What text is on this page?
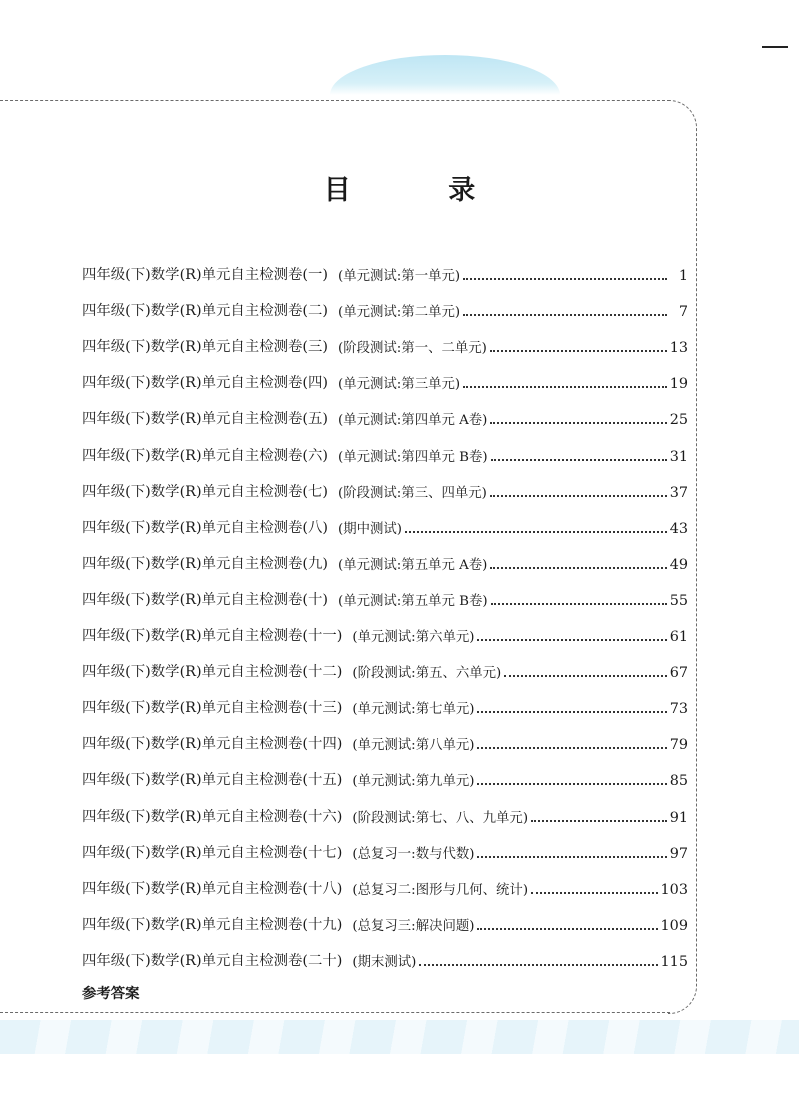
目 录
四年级(下)数学(R)单元自主检测卷(一) (单元测试:第一单元)	1
四年级(下)数学(R)单元自主检测卷(二) (单元测试:第二单元)	7
四年级(下)数学(R)单元自主检测卷(三) (阶段测试:第一、二单元)	13
四年级(下)数学(R)单元自主检测卷(四) (单元测试:第三单元)	19
四年级(下)数学(R)单元自主检测卷(五) (单元测试:第四单元 A卷)	25
四年级(下)数学(R)单元自主检测卷(六) (单元测试:第四单元 B卷)	31
四年级(下)数学(R)单元自主检测卷(七) (阶段测试:第三、四单元)	37
四年级(下)数学(R)单元自主检测卷(八) (期中测试)	43
四年级(下)数学(R)单元自主检测卷(九) (单元测试:第五单元 A卷)	49
四年级(下)数学(R)单元自主检测卷(十) (单元测试:第五单元 B卷)	55
四年级(下)数学(R)单元自主检测卷(十一) (单元测试:第六单元)	61
四年级(下)数学(R)单元自主检测卷(十二) (阶段测试:第五、六单元)	67
四年级(下)数学(R)单元自主检测卷(十三) (单元测试:第七单元)	73
四年级(下)数学(R)单元自主检测卷(十四) (单元测试:第八单元)	79
四年级(下)数学(R)单元自主检测卷(十五) (单元测试:第九单元)	85
四年级(下)数学(R)单元自主检测卷(十六) (阶段测试:第七、八、九单元)	91
四年级(下)数学(R)单元自主检测卷(十七) (总复习一:数与代数)	97
四年级(下)数学(R)单元自主检测卷(十八) (总复习二:图形与几何、统计)	103
四年级(下)数学(R)单元自主检测卷(十九) (总复习三:解决问题)	109
四年级(下)数学(R)单元自主检测卷(二十) (期末测试)	115
参考答案
